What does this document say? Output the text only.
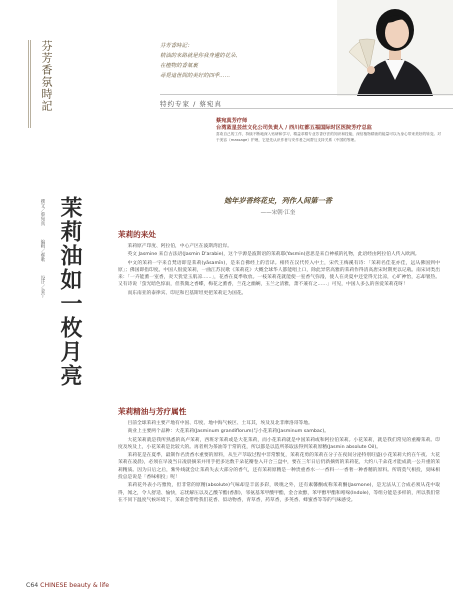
芬芳香氛時記	芬芳香時記：
精油的來路就是你我身邊的花朵、
在植物的香氣裏
尋覓這世間的美好的四季……
特约专家 / 蔡宛真
蔡宛真芳疗师
台湾蓝星芸丝文化公司负责人 / 西川红都五福国际时区医院芳疗总监
喜欢自己的工作，持续不断地深入钻研和学习，精益求精专业芳香疗法的知识和技能，深信植物精油的能量可以为身心带来美好的转变。对于美容（massage）护理，它是先认识作者与安作者之间帮互支持关系（中国的等理。
茉莉油如一枚月亮
撰文／蔡宛真  编辑／郝歌  设计／金宁
她年岁香终花史，列作人间第一香
——宋朝·江奎
茉莉的来处

茉莉原产印度、阿拉伯，中心产区在波斯湾沿岸。

英文 Jasmine 来自古法语(Jasmin D'arabie)，这个字源是波斯语的茉莉耶(Yasmin)意思是来自神祇的礼物，此语经由阿拉伯人传入欧洲。

中文的茉莉一字来自梵语即是茉莉(yāsamīn)，是来自佛经上的音译。相传在汉代传入中土，宋代王梅溪有诗：「茉莉名佳花亦佳，远从佛国到中原」；佛国即指印度。中国人很爱茉莉，一曲江苏民歌《茉莉花》大概全球华人都能唱上口，除此异常高雅的茉莉作得清高唐宋时期更以记载。南宋词类出来：「一卉能薰一室香，炎天犹觉玉肌凉……」，花香在夏季收放。一枝茉莉花就能使一室香气弥漫，使人在炎夏中还觉得无比凉，心旷神怡，忘却暑热。又有诗说「萤光暗色惊雨，但我微之香蝶，梅花之薰香，兰花之幽娴，玉兰之清雅，萧不兼有之……」可见，中国人多么的喜爱茉莉花呀！

而东南亚的泰律宾、印尼和巴基斯坦更把茉莉定为国花。

茉莉精油与芳疗属性

目前全球茉莉主要产地有中国、印度、地中海气候区、土耳其，埃及及北非摩洛哥等地。

商业上主要两个品种：大花茉莉(Jasminum grandiflorum)与小花茉莉(Jasminum sambac)。

大花茉莉就是我所熟悉的高卢茉莉，西班牙茉莉或是大花茉莉，而小花茉莉就是中国茉莉或和阿拉伯茉莉。小花茉莉，就是我们常见的重瓣茉莉。印度及埃及上，小花茉莉是比较大的。再者则为茶油等于常的花，所以都是以造所茶取法得到茉莉原精(Jasmin absolute Oil)。

茉莉花是在夏季，最制作名贵香水重要的原料，从生产萃取过程中非常繁复，茉莉花剪的茉莉在分子在夜间分泌特别旺盛(小花茉莉大约在午夜、大花茉莉在凌晨)，必须在早凌当日凌晨摘采并用手把多达数千朵花瓣卷入开合三盘中，要在三年日后仍新摘剪的茉莉花，大约八千朵花才能成就一公升重的茉莉精质。因为日后之后，紫外线就会让茉莉失去大部分的香气，还有茉莉原精是一种贵重香水一一香料一一香奢一种香精的原料。所谓莫气相投，臭味相投总是说是「香味相投」呢！

茉莉花外表小巧雅致，但非常的原精(absolute)气味却是丰富多彩，吸嗅之外，还有素馨酮或称茉莉酮(Jasmone)，是无法从工合成必须从花中取得，闻之，令人舒适、愉快，忘忧解压以及乙酸苄酯(香甜)，邻氨基苯甲酸甲酯，金合欢醇，苯甲醇甲酯和吲哚(Indole)，等组分能是多样的，所以我们常在不同下温度气候环境下，茉莉会带给我们花香、似动物香，青草香，药草香，多英香、蜂蜜香等等的气味感受。

C64 CHINESE beauty & life
